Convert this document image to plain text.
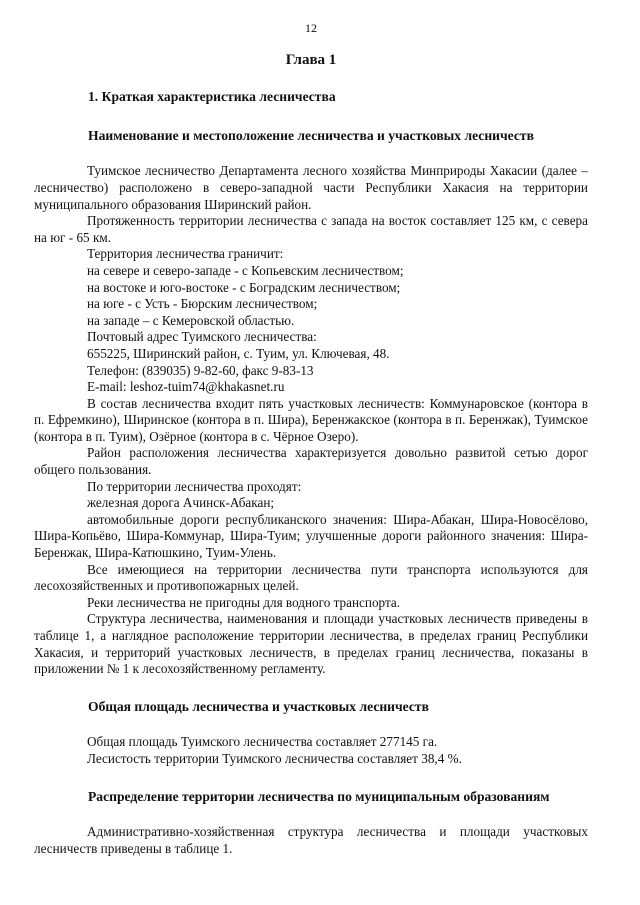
12
Глава 1
1. Краткая характеристика лесничества
Наименование и местоположение лесничества и участковых лесничеств

Туимское лесничество Департамента лесного хозяйства Минприроды Хакасии (далее – лесничество) расположено в северо-западной части Республики Хакасия на территории муниципального образования Ширинский район.

Протяженность территории лесничества с запада на восток составляет 125 км, с севера на юг - 65 км.

Территория лесничества граничит:

на севере и северо-западе - с Копьевским лесничеством;

на востоке и юго-востоке - с Боградским лесничеством;

на юге - с Усть - Бюрским лесничеством;

на западе – с Кемеровской областью.

Почтовый адрес Туимского лесничества:

655225, Ширинский район, с. Туим, ул. Ключевая, 48.

Телефон: (839035) 9-82-60, факс 9-83-13

E-mail: leshoz-tuim74@khakasnet.ru

В состав лесничества входит пять участковых лесничеств: Коммунаровское (контора в п. Ефремкино), Ширинское (контора в п. Шира), Беренжакское (контора в п. Беренжак), Туимское (контора в п. Туим), Озёрное (контора в с. Чёрное Озеро).

Район расположения лесничества характеризуется довольно развитой сетью дорог общего пользования.

По территории лесничества проходят:

железная дорога Ачинск-Абакан;

автомобильные дороги республиканского значения: Шира-Абакан, Шира-Новосёлово, Шира-Копьёво, Шира-Коммунар, Шира-Туим; улучшенные дороги районного значения: Шира-Беренжак, Шира-Катюшкино, Туим-Улень.

Все имеющиеся на территории лесничества пути транспорта используются для лесохозяйственных и противопожарных целей.

Реки лесничества не пригодны для водного транспорта.

Структура лесничества, наименования и площади участковых лесничеств приведены в таблице 1, а наглядное расположение территории лесничества, в пределах границ Республики Хакасия, и территорий участковых лесничеств, в пределах границ лесничества, показаны в приложении № 1 к лесохозяйственному регламенту.

Общая площадь лесничества и участковых лесничеств

Общая площадь Туимского лесничества составляет 277145 га.

Лесистость территории Туимского лесничества составляет 38,4 %.

Распределение территории лесничества по муниципальным образованиям

Административно-хозяйственная структура лесничества и площади участковых лесничеств приведены в таблице 1.
